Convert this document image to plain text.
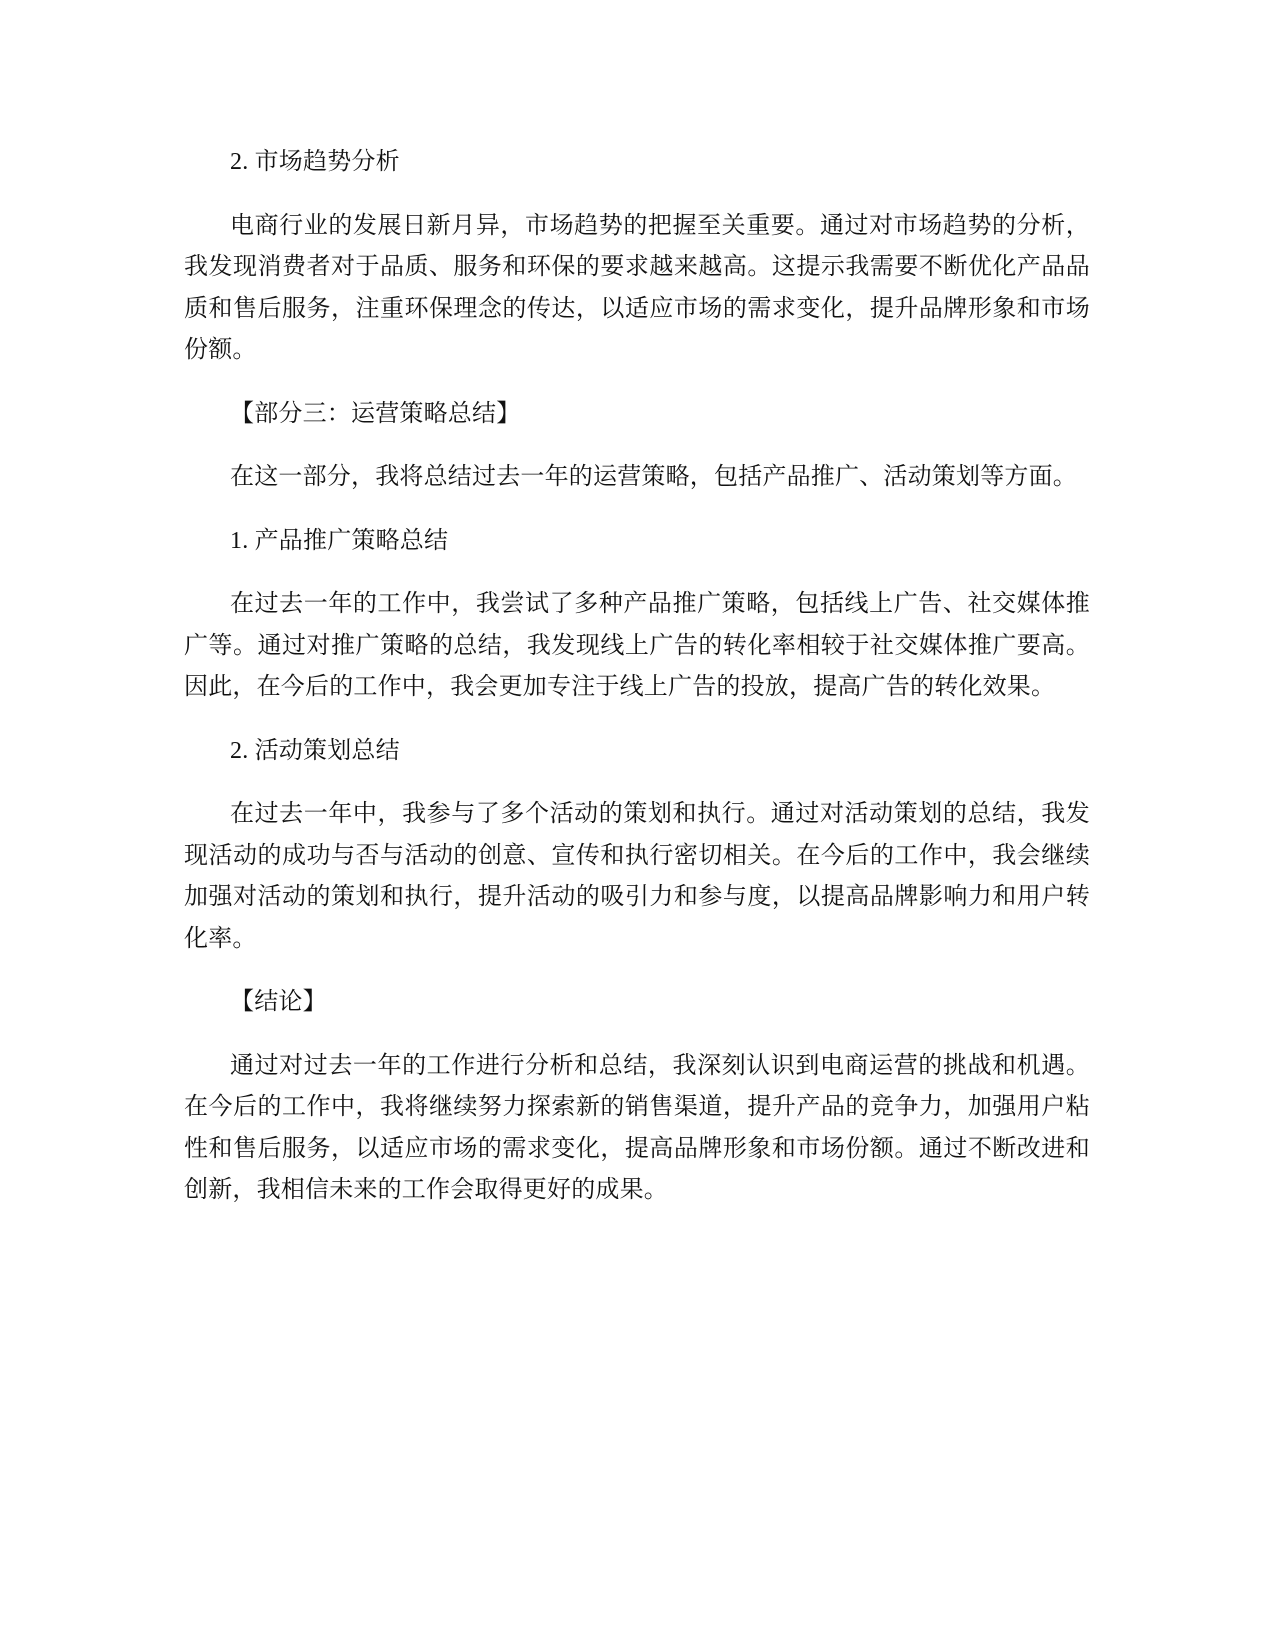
2. 市场趋势分析

电商行业的发展日新月异，市场趋势的把握至关重要。通过对市场趋势的分析，我发现消费者对于品质、服务和环保的要求越来越高。这提示我需要不断优化产品品质和售后服务，注重环保理念的传达，以适应市场的需求变化，提升品牌形象和市场份额。

【部分三：运营策略总结】

在这一部分，我将总结过去一年的运营策略，包括产品推广、活动策划等方面。

1. 产品推广策略总结

在过去一年的工作中，我尝试了多种产品推广策略，包括线上广告、社交媒体推广等。通过对推广策略的总结，我发现线上广告的转化率相较于社交媒体推广要高。因此，在今后的工作中，我会更加专注于线上广告的投放，提高广告的转化效果。

2. 活动策划总结

在过去一年中，我参与了多个活动的策划和执行。通过对活动策划的总结，我发现活动的成功与否与活动的创意、宣传和执行密切相关。在今后的工作中，我会继续加强对活动的策划和执行，提升活动的吸引力和参与度，以提高品牌影响力和用户转化率。

【结论】

通过对过去一年的工作进行分析和总结，我深刻认识到电商运营的挑战和机遇。在今后的工作中，我将继续努力探索新的销售渠道，提升产品的竞争力，加强用户粘性和售后服务，以适应市场的需求变化，提高品牌形象和市场份额。通过不断改进和创新，我相信未来的工作会取得更好的成果。
